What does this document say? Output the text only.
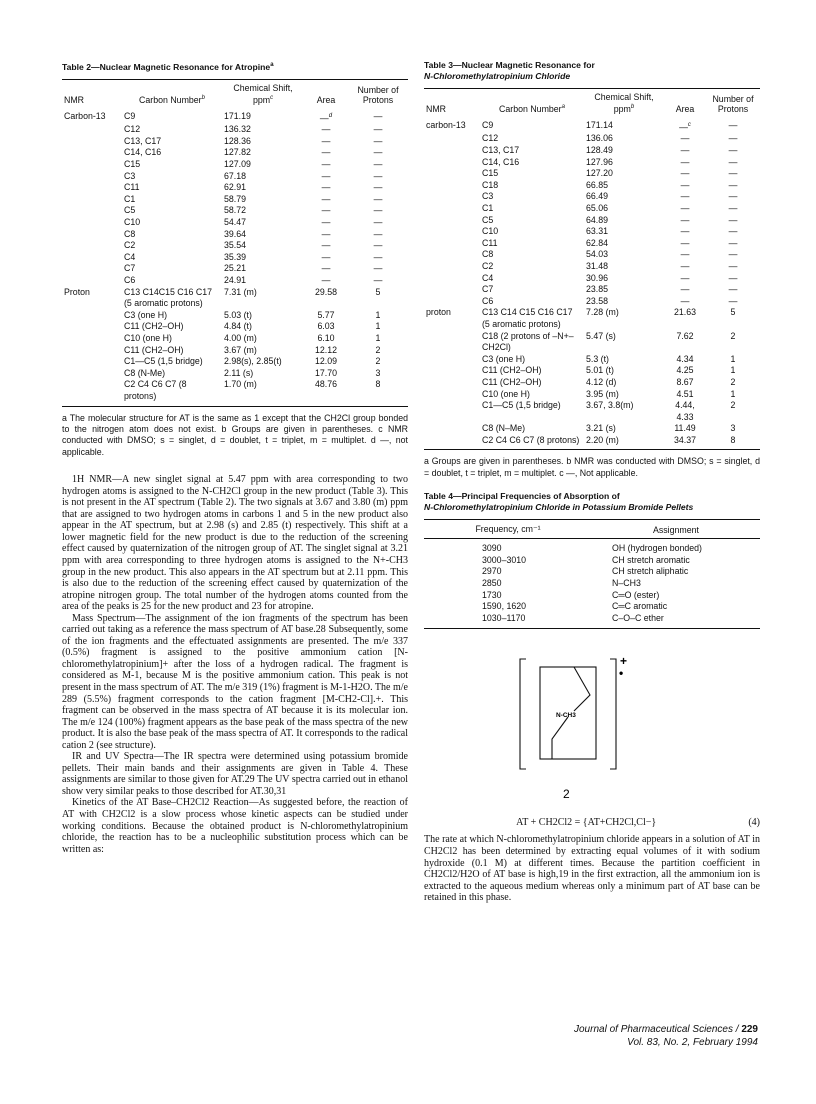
Table 2—Nuclear Magnetic Resonance for Atropine$^a$
NMR	Carbon Number$^b$	Chemical Shift, ppm$^c$	Area	Number of Protons

Carbon-13	C9	171.19	—$^d$	—
	C12	136.32	—	—
	C13, C17	128.36	—	—
	C14, C16	127.82	—	—
	C15	127.09	—	—
	C3	67.18	—	—
	C11	62.91	—	—
	C1	58.79	—	—
	C5	58.72	—	—
	C10	54.47	—	—
	C8	39.64	—	—
	C2	35.54	—	—
	C4	35.39	—	—
	C7	25.21	—	—
	C6	24.91	—	—
Proton	C13 C14C15 C16 C17 (5 aromatic protons)	7.31 (m)	29.58	5
	C3 (one H)	5.03 (t)	5.77	1
	C11 (CH2–OH)	4.84 (t)	6.03	1
	C10 (one H)	4.00 (m)	6.10	1
	C11 (CH2–OH)	3.67 (m)	12.12	2
	C1—C5 (1,5 bridge)	2.98(s), 2.85(t)	12.09	2
	C8 (N-Me)	2.11 (s)	17.70	3
	C2 C4 C6 C7 (8 protons)	1.70 (m)	48.76	8
a The molecular structure for AT is the same as 1 except that the CH2Cl group bonded to the nitrogen atom does not exist. b Groups are given in parentheses. c NMR conducted with DMSO; s = singlet, d = doublet, t = triplet, m = multiplet. d —, not applicable.

1H NMR—A new singlet signal at 5.47 ppm with area corresponding to two hydrogen atoms is assigned to the N-CH2Cl group in the new product (Table 3). This is not present in the AT spectrum (Table 2). The two signals at 3.67 and 3.80 (m) ppm that are assigned to two hydrogen atoms in carbons 1 and 5 in the new product also appear in the AT spectrum, but at 2.98 (s) and 2.85 (t) respectively. This shift at a lower magnetic field for the new product is due to the reduction of the screening effect caused by quaternization of the nitrogen group of AT. The singlet signal at 3.21 ppm with area corresponding to three hydrogen atoms is assigned to the N+-CH3 group in the new product. This also appears in the AT spectrum but at 2.11 ppm. This is also due to the reduction of the screening effect caused by quaternization of the atropine nitrogen group. The total number of the hydrogen atoms counted from the area of the peaks is 25 for the new product and 23 for atropine.

Mass Spectrum—The assignment of the ion fragments of the spectrum has been carried out taking as a reference the mass spectrum of AT base.28 Subsequently, some of the ion fragments and the effectuated assignments are presented. The m/e 337 (0.5%) fragment is assigned to the positive ammonium cation [N-chloromethylatropinium]+ after the loss of a hydrogen radical. The fragment is considered as M-1, because M is the positive ammonium cation. This peak is not present in the mass spectrum of AT. The m/e 319 (1%) fragment is M-1-H2O. The m/e 289 (5.5%) fragment corresponds to the cation fragment [M-CH2-Cl].+. This fragment can be observed in the mass spectra of AT because it is its molecular ion. The m/e 124 (100%) fragment appears as the base peak of the mass spectra of the new product. It is also the base peak of the mass spectra of AT. It corresponds to the radical cation 2 (see structure).

IR and UV Spectra—The IR spectra were determined using potassium bromide pellets. Their main bands and their assignments are given in Table 4. These assignments are similar to those given for AT.29 The UV spectra carried out in ethanol show very similar peaks to those described for AT.30,31

Kinetics of the AT Base–CH2Cl2 Reaction—As suggested before, the reaction of AT with CH2Cl2 is a slow process whose kinetic aspects can be studied under working conditions. Because the obtained product is N-chloromethylatropinium chloride, the reaction has to be a nucleophilic substitution process which can be written as:

Table 3—Nuclear Magnetic Resonance for
N-Chloromethylatropinium Chloride
NMR	Carbon Number$^a$	Chemical Shift, ppm$^b$	Area	Number of Protons

carbon-13	C9	171.14	—$^c$	—
	C12	136.06	—	—
	C13, C17	128.49	—	—
	C14, C16	127.96	—	—
	C15	127.20	—	—
	C18	66.85	—	—
	C3	66.49	—	—
	C1	65.06	—	—
	C5	64.89	—	—
	C10	63.31	—	—
	C11	62.84	—	—
	C8	54.03	—	—
	C2	31.48	—	—
	C4	30.96	—	—
	C7	23.85	—	—
	C6	23.58	—	—
proton	C13 C14 C15 C16 C17 (5 aromatic protons)	7.28 (m)	21.63	5
	C18 (2 protons of –N+–CH2Cl)	5.47 (s)	7.62	2
	C3 (one H)	5.3 (t)	4.34	1
	C11 (CH2–OH)	5.01 (t)	4.25	1
	C11 (CH2–OH)	4.12 (d)	8.67	2
	C10 (one H)	3.95 (m)	4.51	1
	C1—C5 (1,5 bridge)	3.67, 3.8(m)	4.44, 4.33	2
	C8 (N–Me)	3.21 (s)	11.49	3
	C2 C4 C6 C7 (8 protons)	2.20 (m)	34.37	8
a Groups are given in parentheses. b NMR was conducted with DMSO; s = singlet, d = doublet, t = triplet, m = multiplet. c —, Not applicable.
Table 4—Principal Frequencies of Absorption of
N-Chloromethylatropinium Chloride in Potassium Bromide Pellets
Frequency, cm⁻¹	Assignment
3090	OH (hydrogen bonded)
3000–3010	CH stretch aromatic
2970	CH stretch aliphatic
2850	N–CH3
1730	C═O (ester)
1590, 1620	C═C aromatic
1030–1170	C–O–C ether
+
•
N-CH3
2
AT + CH2Cl2 = {AT+CH2Cl,Cl−}	(4)

The rate at which N-chloromethylatropinium chloride appears in a solution of AT in CH2Cl2 has been determined by extracting equal volumes of it with sodium hydroxide (0.1 M) at different times. Because the partition coefficient in CH2Cl2/H2O of AT base is high,19 in the first extraction, all the ammonium ion is extracted to the aqueous medium whereas only a minimum part of AT base can be retained in this phase.

Journal of Pharmaceutical Sciences / 229
Vol. 83, No. 2, February 1994
